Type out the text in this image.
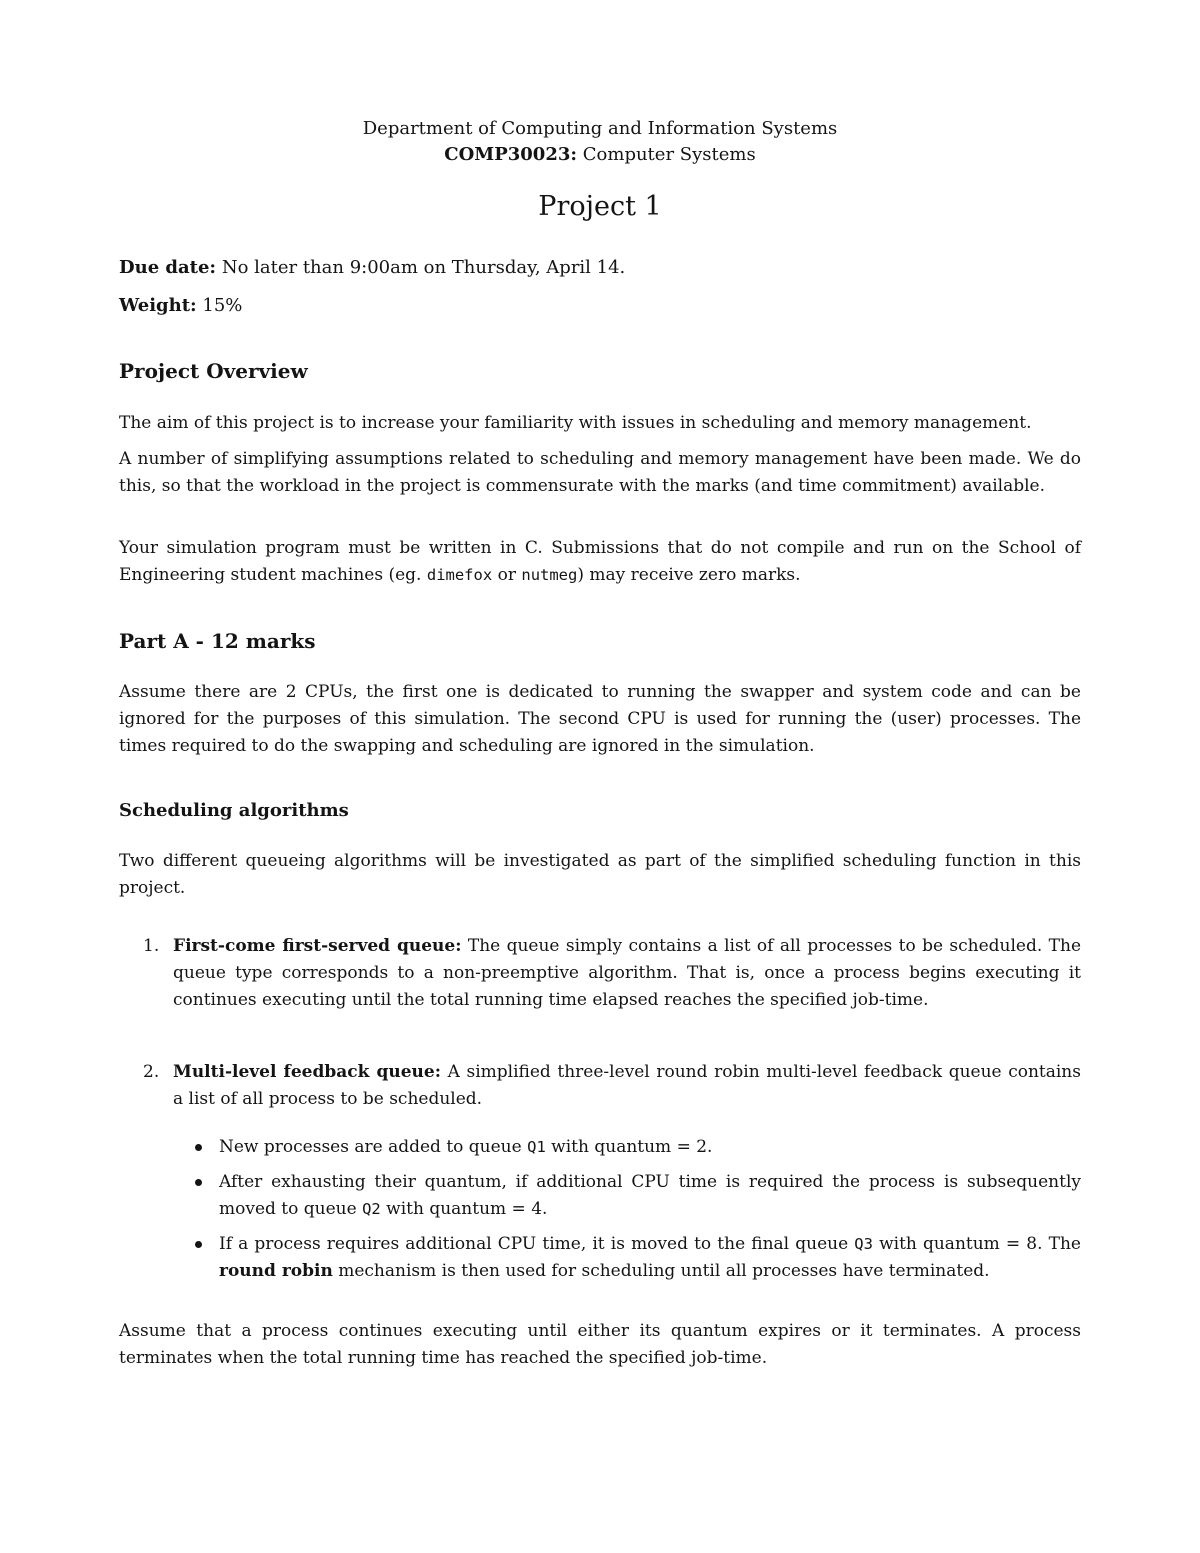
Department of Computing and Information Systems
COMP30023: Computer Systems
Project 1
Due date: No later than 9:00am on Thursday, April 14.
Weight: 15%
Project Overview
The aim of this project is to increase your familiarity with issues in scheduling and memory management.
A number of simplifying assumptions related to scheduling and memory management have been made. We do this, so that the workload in the project is commensurate with the marks (and time commitment) available.
Your simulation program must be written in C. Submissions that do not compile and run on the School of Engineering student machines (eg. dimefox or nutmeg) may receive zero marks.
Part A - 12 marks
Assume there are 2 CPUs, the first one is dedicated to running the swapper and system code and can be ignored for the purposes of this simulation. The second CPU is used for running the (user) processes. The times required to do the swapping and scheduling are ignored in the simulation.
Scheduling algorithms
Two different queueing algorithms will be investigated as part of the simplified scheduling function in this project.
1. First-come first-served queue: The queue simply contains a list of all processes to be scheduled. The queue type corresponds to a non-preemptive algorithm. That is, once a process begins executing it continues executing until the total running time elapsed reaches the specified job-time.
2. Multi-level feedback queue: A simplified three-level round robin multi-level feedback queue contains a list of all process to be scheduled.
New processes are added to queue Q1 with quantum = 2.
After exhausting their quantum, if additional CPU time is required the process is subsequently moved to queue Q2 with quantum = 4.
If a process requires additional CPU time, it is moved to the final queue Q3 with quantum = 8. The round robin mechanism is then used for scheduling until all processes have terminated.
Assume that a process continues executing until either its quantum expires or it terminates. A process terminates when the total running time has reached the specified job-time.
